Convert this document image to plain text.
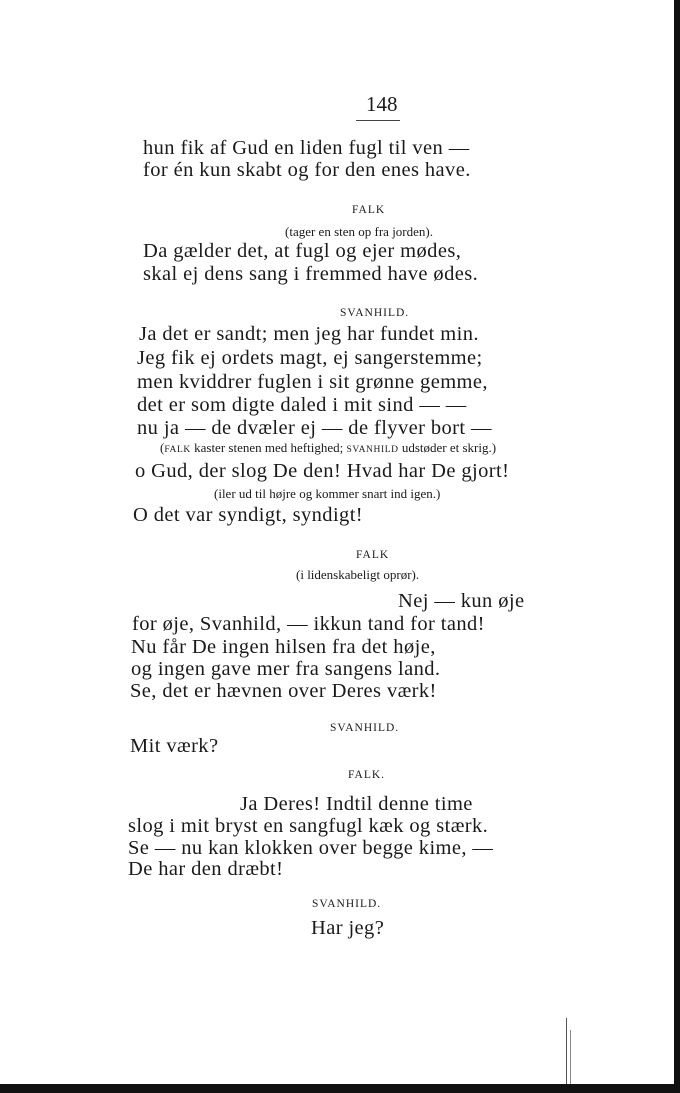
148
hun fik af Gud en liden fugl til ven —
for én kun skabt og for den enes have.
FALK
(tager en sten op fra jorden).
Da gælder det, at fugl og ejer mødes,
skal ej dens sang i fremmed have ødes.
SVANHILD.
Ja det er sandt; men jeg har fundet min.
Jeg fik ej ordets magt, ej sangerstemme;
men kviddrer fuglen i sit grønne gemme,
det er som digte daled i mit sind — —
nu ja — de dvæler ej — de flyver bort —
(FALK kaster stenen med heftighed; SVANHILD udstøder et skrig.)
o Gud, der slog De den! Hvad har De gjort!
(iler ud til højre og kommer snart ind igen.)
O det var syndigt, syndigt!
FALK
(i lidenskabeligt oprør).
Nej — kun øje
for øje, Svanhild, — ikkun tand for tand!
Nu får De ingen hilsen fra det høje,
og ingen gave mer fra sangens land.
Se, det er hævnen over Deres værk!
SVANHILD.
Mit værk?
FALK.
Ja Deres! Indtil denne time
slog i mit bryst en sangfugl kæk og stærk.
Se — nu kan klokken over begge kime, —
De har den dræbt!
SVANHILD.
Har jeg?
